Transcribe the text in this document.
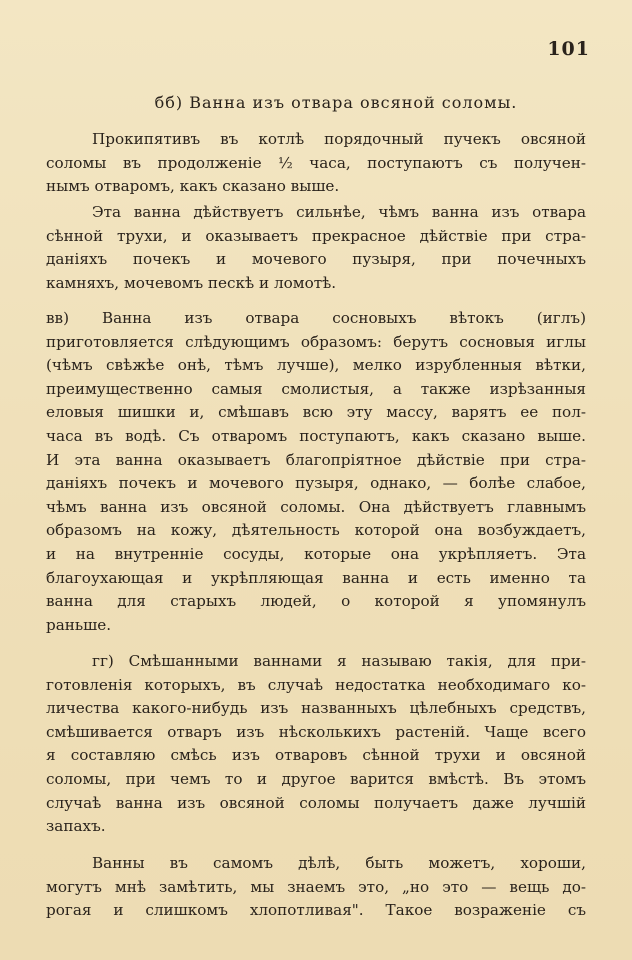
101
бб) Ванна изъ отвара овсяной соломы.
Прокипятивъ въ котлѣ порядочный пучекъ овсяной
соломы въ продолженіе ½ часа, поступаютъ съ получен-
нымъ отваромъ, какъ сказано выше.
Эта ванна дѣйствуетъ сильнѣе, чѣмъ ванна изъ отвара
сѣнной трухи, и оказываетъ прекрасное дѣйствіе при стра-
даніяхъ почекъ и мочевого пузыря, при почечныхъ
камняхъ, мочевомъ пескѣ и ломотѣ.
вв) Ванна изъ отвара сосновыхъ вѣтокъ (иглъ)
приготовляется слѣдующимъ образомъ: берутъ сосновыя иглы
(чѣмъ свѣжѣе онѣ, тѣмъ лучше), мелко изрубленныя вѣтки,
преимущественно самыя смолистыя, а также изрѣзанныя
еловыя шишки и, смѣшавъ всю эту массу, варятъ ее пол-
часа въ водѣ. Съ отваромъ поступаютъ, какъ сказано выше.
И эта ванна оказываетъ благопріятное дѣйствіе при стра-
даніяхъ почекъ и мочевого пузыря, однако, — болѣе слабое,
чѣмъ ванна изъ овсяной соломы. Она дѣйствуетъ главнымъ
образомъ на кожу, дѣятельность которой она возбуждаетъ,
и на внутренніе сосуды, которые она укрѣпляетъ. Эта
благоухающая и укрѣпляющая ванна и есть именно та
ванна для старыхъ людей, о которой я упомянулъ
раньше.
гг) Смѣшанными ваннами я называю такія, для при-
готовленія которыхъ, въ случаѣ недостатка необходимаго ко-
личества какого-нибудь изъ названныхъ цѣлебныхъ средствъ,
смѣшивается отваръ изъ нѣсколькихъ растеній. Чаще всего
я составляю смѣсь изъ отваровъ сѣнной трухи и овсяной
соломы, при чемъ то и другое варится вмѣстѣ. Въ этомъ
случаѣ ванна изъ овсяной соломы получаетъ даже лучшій
запахъ.
Ванны въ самомъ дѣлѣ, быть можетъ, хороши,
могутъ мнѣ замѣтить, мы знаемъ это, „но это — вещь до-
рогая и слишкомъ хлопотливая". Такое возраженіе съ
